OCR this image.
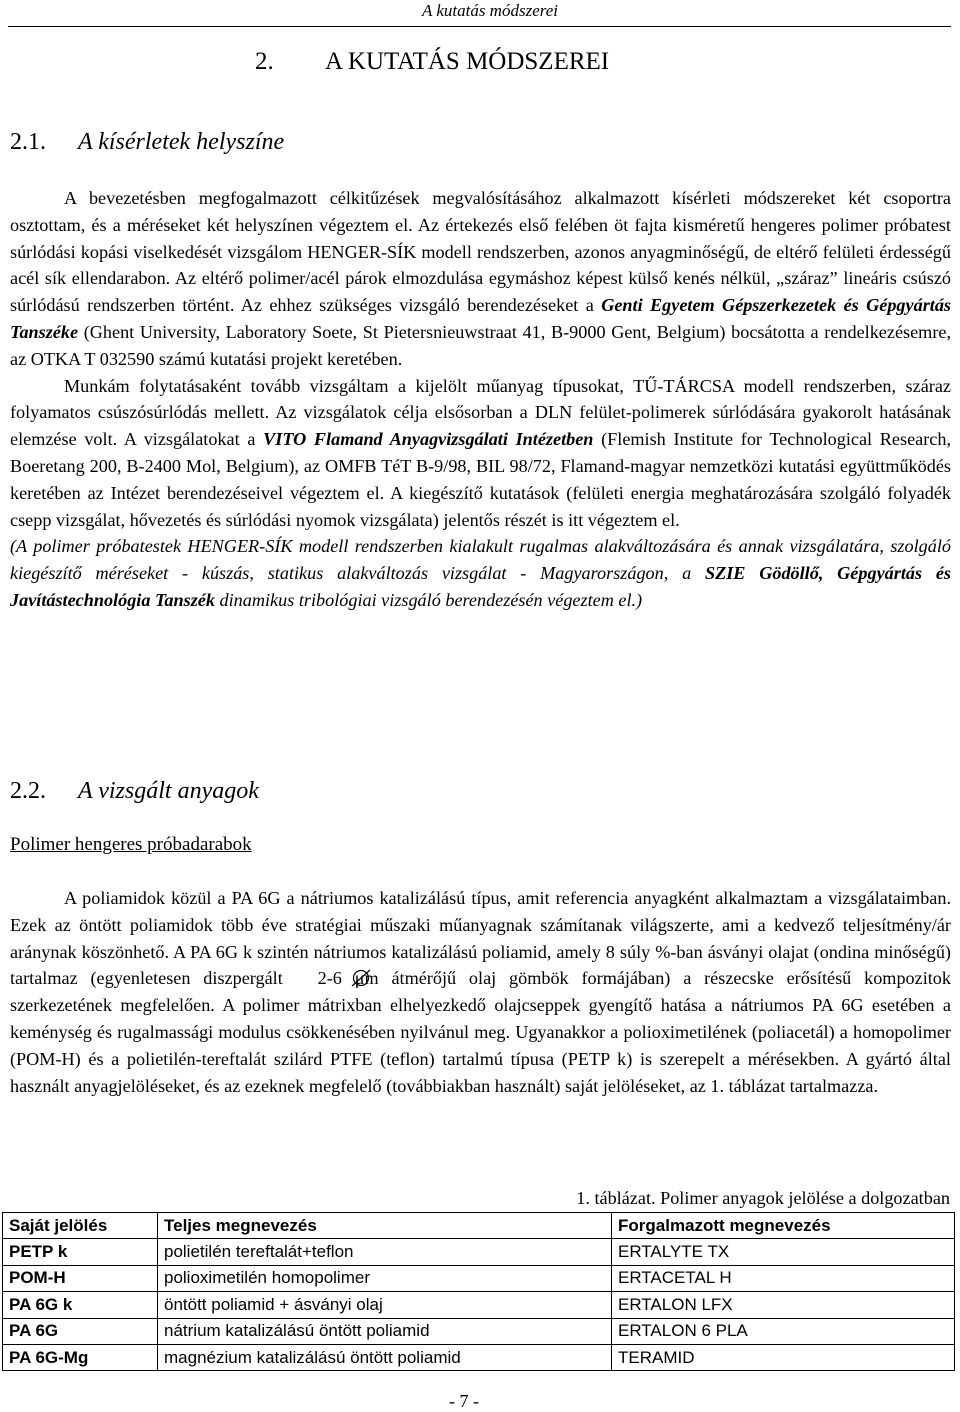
A kutatás módszerei
2. A KUTATÁS MÓDSZEREI
2.1. A kísérletek helyszíne

A bevezetésben megfogalmazott célkitűzések megvalósításához alkalmazott kísérleti módszereket két csoportra osztottam, és a méréseket két helyszínen végeztem el. Az értekezés első felében öt fajta kisméretű hengeres polimer próbatest súrlódási kopási viselkedését vizsgálom HENGER-SÍK modell rendszerben, azonos anyagminőségű, de eltérő felületi érdességű acél sík ellendarabon. Az eltérő polimer/acél párok elmozdulása egymáshoz képest külső kenés nélkül, „száraz” lineáris csúszó súrlódású rendszerben történt. Az ehhez szükséges vizsgáló berendezéseket a Genti Egyetem Gépszerkezetek és Gépgyártás Tanszéke (Ghent University, Laboratory Soete, St Pietersnieuwstraat 41, B-9000 Gent, Belgium) bocsátotta a rendelkezésemre, az OTKA T 032590 számú kutatási projekt keretében.

Munkám folytatásaként tovább vizsgáltam a kijelölt műanyag típusokat, TŰ-TÁRCSA modell rendszerben, száraz folyamatos csúszósúrlódás mellett. Az vizsgálatok célja elsősorban a DLN felület-polimerek súrlódására gyakorolt hatásának elemzése volt. A vizsgálatokat a VITO Flamand Anyagvizsgálati Intézetben (Flemish Institute for Technological Research, Boeretang 200, B-2400 Mol, Belgium), az OMFB TéT B-9/98, BIL 98/72, Flamand-magyar nemzetközi kutatási együttműködés keretében az Intézet berendezéseivel végeztem el. A kiegészítő kutatások (felületi energia meghatározására szolgáló folyadék csepp vizsgálat, hővezetés és súrlódási nyomok vizsgálata) jelentős részét is itt végeztem el.

(A polimer próbatestek HENGER-SÍK modell rendszerben kialakult rugalmas alakváltozására és annak vizsgálatára, szolgáló kiegészítő méréseket - kúszás, statikus alakváltozás vizsgálat - Magyarországon, a SZIE Gödöllő, Gépgyártás és Javítástechnológia Tanszék dinamikus tribológiai vizsgáló berendezésén végeztem el.)

2.2. A vizsgált anyagok
Polimer hengeres próbadarabok

A poliamidok közül a PA 6G a nátriumos katalizálású típus, amit referencia anyagként alkalmaztam a vizsgálataimban. Ezek az öntött poliamidok több éve stratégiai műszaki műanyagnak számítanak világszerte, ami a kedvező teljesítmény/ár aránynak köszönhető. A PA 6G k szintén nátriumos katalizálású poliamid, amely 8 súly %-ban ásványi olajat (ondina minőségű) tartalmaz (egyenletesen diszpergált 2-6 μm átmérőjű olaj gömbök formájában) a részecske erősítésű kompozitok szerkezetének megfelelően. A polimer mátrixban elhelyezkedő olajcseppek gyengítő hatása a nátriumos PA 6G esetében a keménység és rugalmassági modulus csökkenésében nyilvánul meg. Ugyanakkor a polioximetilének (poliacetál) a homopolimer (POM-H) és a polietilén-tereftalát szilárd PTFE (teflon) tartalmú típusa (PETP k) is szerepelt a mérésekben. A gyártó által használt anyagjelöléseket, és az ezeknek megfelelő (továbbiakban használt) saját jelöléseket, az 1. táblázat tartalmazza.

1. táblázat. Polimer anyagok jelölése a dolgozatban
Saját jelölés	Teljes megnevezés	Forgalmazott megnevezés
PETP k	polietilén tereftalát+teflon	ERTALYTE TX
POM-H	polioximetilén homopolimer	ERTACETAL H
PA 6G k	öntött poliamid + ásványi olaj	ERTALON LFX
PA 6G	nátrium katalizálású öntött poliamid	ERTALON 6 PLA
PA 6G-Mg	magnézium katalizálású öntött poliamid	TERAMID
- 7 -
